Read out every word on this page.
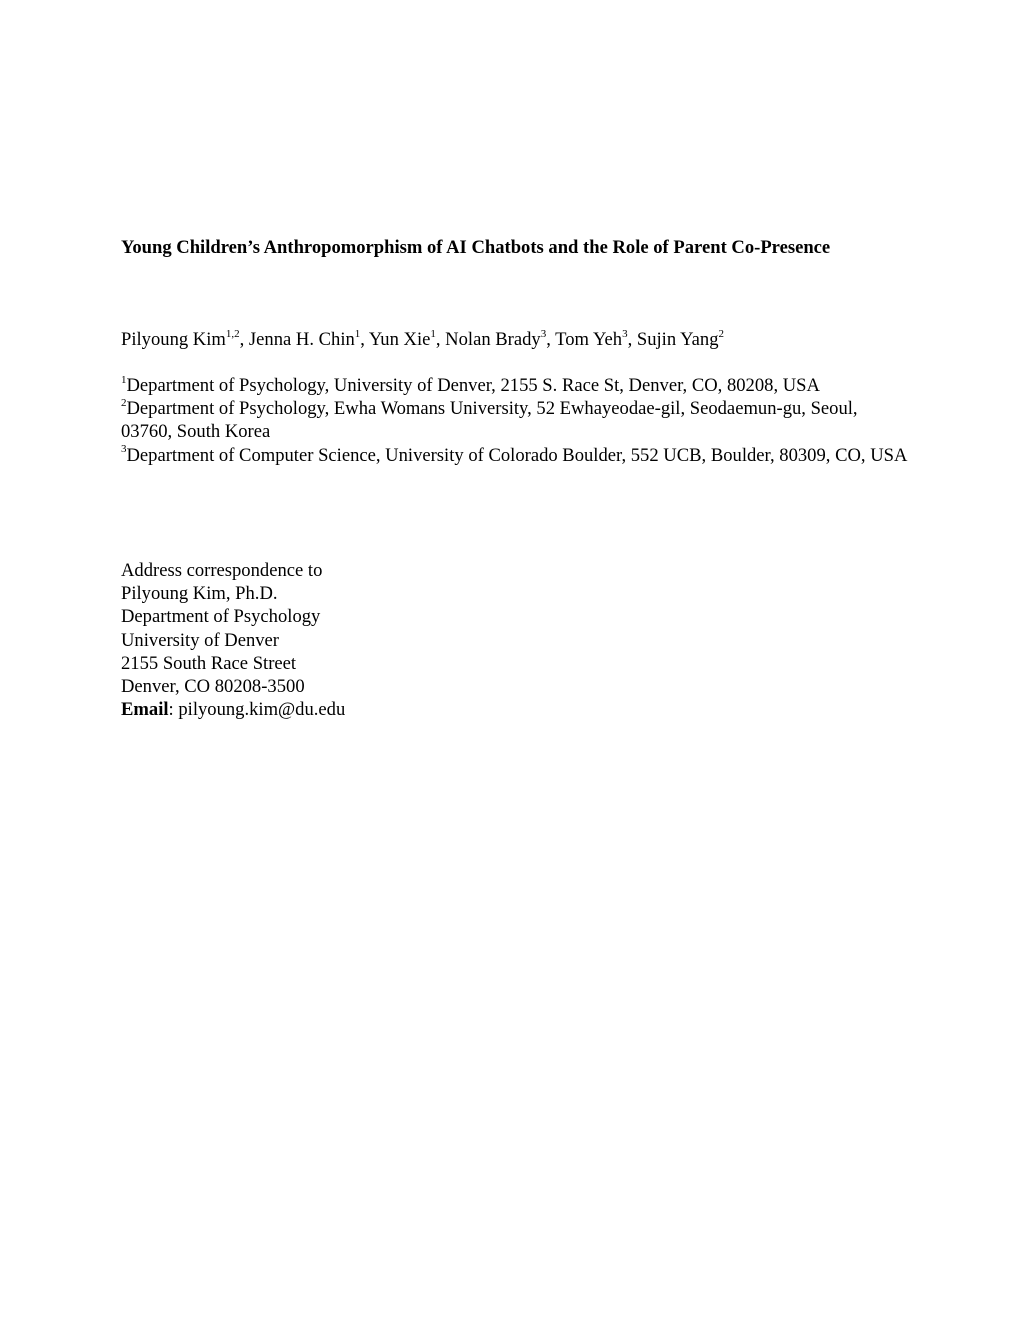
Young Children’s Anthropomorphism of AI Chatbots and the Role of Parent Co-Presence
Pilyoung Kim$^{1,2}$, Jenna H. Chin$^1$, Yun Xie$^1$, Nolan Brady$^3$, Tom Yeh$^3$, Sujin Yang$^2$

$^1$Department of Psychology, University of Denver, 2155 S. Race St, Denver, CO, 80208, USA

$^2$Department of Psychology, Ewha Womans University, 52 Ewhayeodae-gil, Seodaemun-gu, Seoul, 03760, South Korea

$^3$Department of Computer Science, University of Colorado Boulder, 552 UCB, Boulder, 80309, CO, USA

Address correspondence to

Pilyoung Kim, Ph.D.

Department of Psychology

University of Denver

2155 South Race Street

Denver, CO 80208-3500

Email: pilyoung.kim@du.edu
